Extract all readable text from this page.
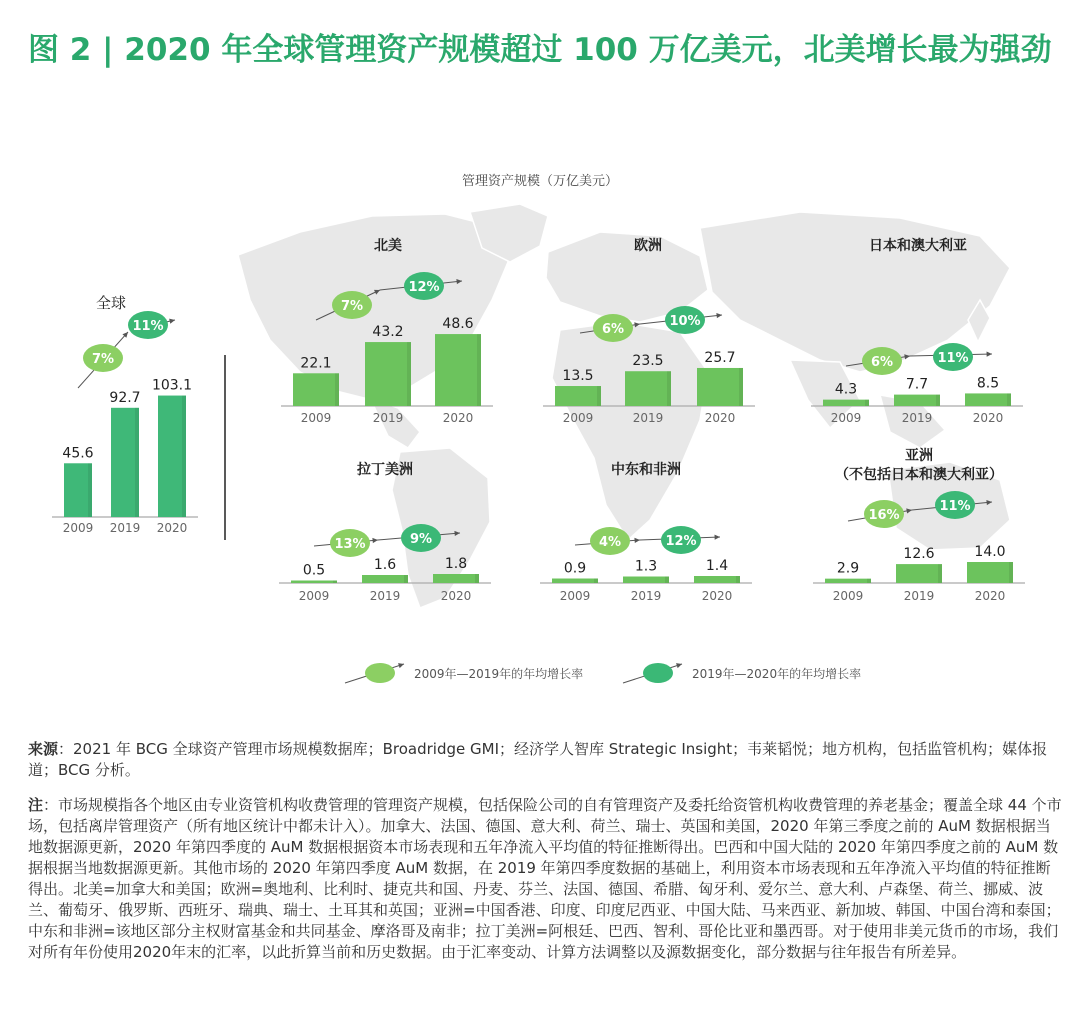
图 2 | 2020 年全球管理资产规模超过 100 万亿美元，北美增长最为强劲
管理资产规模（万亿美元）
全球
45.6
2009
92.7
2019
103.1
2020
7%
11%
北美
22.1
2009
43.2
2019
48.6
2020
7%
12%
欧洲
13.5
2009
23.5
2019
25.7
2020
6%
10%
日本和澳大利亚
4.3
2009
7.7
2019
8.5
2020
6%	11%
拉丁美洲
0.5
2009
1.6
2019
1.8
2020
13%	9%
中东和非洲
0.9
2009
1.3
2019
1.4
2020
4%	12%
亚洲
（不包括日本和澳大利亚）
2.9
2009
12.6
2019
14.0
2020
16%
11%
2009年—2019年的年均增长率	2019年—2020年的年均增长率

来源：2021 年 BCG 全球资产管理市场规模数据库；Broadridge GMI；经济学人智库 Strategic Insight；韦莱韬悦；地方机构，包括监管机构；媒体报道；BCG 分析。

注：市场规模指各个地区由专业资管机构收费管理的管理资产规模，包括保险公司的自有管理资产及委托给资管机构收费管理的养老基金；覆盖全球 44 个市场，包括离岸管理资产（所有地区统计中都未计入）。加拿大、法国、德国、意大利、荷兰、瑞士、英国和美国，2020 年第三季度之前的 AuM 数据根据当地数据源更新，2020 年第四季度的 AuM 数据根据资本市场表现和五年净流入平均值的特征推断得出。巴西和中国大陆的 2020 年第四季度之前的 AuM 数据根据当地数据源更新。其他市场的 2020 年第四季度 AuM 数据，在 2019 年第四季度数据的基础上，利用资本市场表现和五年净流入平均值的特征推断得出。北美=加拿大和美国；欧洲=奥地利、比利时、捷克共和国、丹麦、芬兰、法国、德国、希腊、匈牙利、爱尔兰、意大利、卢森堡、荷兰、挪威、波兰、葡萄牙、俄罗斯、西班牙、瑞典、瑞士、土耳其和英国；亚洲=中国香港、印度、印度尼西亚、中国大陆、马来西亚、新加坡、韩国、中国台湾和泰国；中东和非洲=该地区部分主权财富基金和共同基金、摩洛哥及南非；拉丁美洲=阿根廷、巴西、智利、哥伦比亚和墨西哥。对于使用非美元货币的市场，我们对所有年份使用2020年末的汇率，以此折算当前和历史数据。由于汇率变动、计算方法调整以及源数据变化，部分数据与往年报告有所差异。
